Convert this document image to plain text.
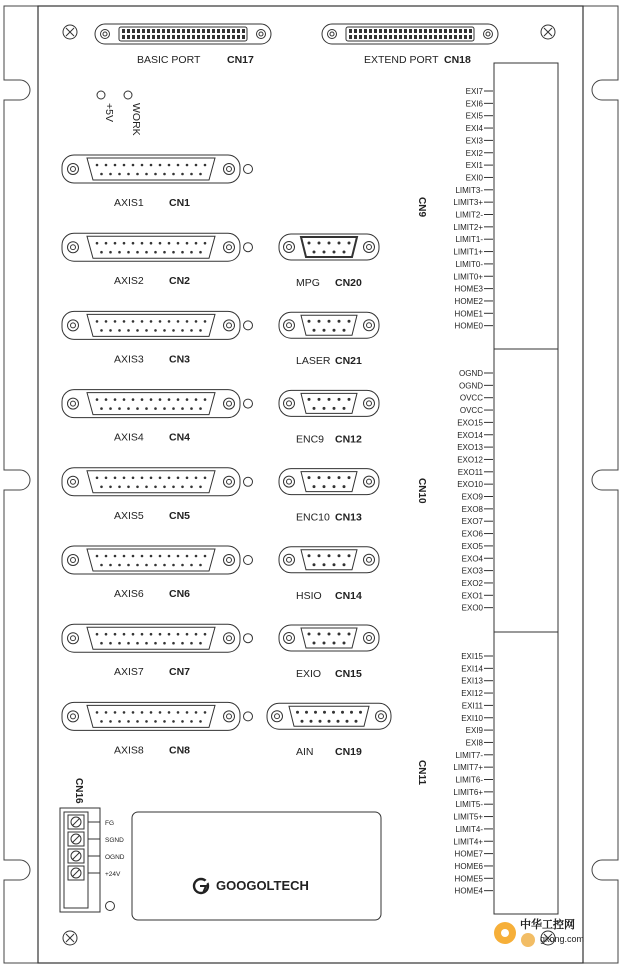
BASIC PORT	CN17	EXTEND PORT CN18
+5V WORK
AXIS1 CN1
AXIS2 CN2
AXIS3 CN3
AXIS4 CN4
AXIS5 CN5
AXIS6 CN6
AXIS7 CN7
AXIS8 CN8
MPG CN20
LASER CN21
ENC9 CN12
ENC10 CN13
HSIO CN14
EXIO CN15
AIN CN19
CN9
EXI7
EXI6
EXI5
EXI4
EXI3
EXI2
EXI1
EXI0
LIMIT3-
LIMIT3+
LIMIT2-
LIMIT2+
LIMIT1-
LIMIT1+
LIMIT0-
LIMIT0+
HOME3
HOME2
HOME1
HOME0
CN10
OGND
OGND
OVCC
OVCC
EXO15
EXO14
EXO13
EXO12
EXO11
EXO10
EXO9
EXO8
EXO7
EXO6
EXO5
EXO4
EXO3
EXO2
EXO1
EXO0
CN11
EXI15
EXI14
EXI13
EXI12
EXI11
EXI10
EXI9
EXI8
LIMIT7-
LIMIT7+
LIMIT6-
LIMIT6+
LIMIT5-
LIMIT5+
LIMIT4-
LIMIT4+
HOME7
HOME6
HOME5
HOME4
CN16
FG
SGND
OGND
+24V
GOOGOLTECH
中华工控网
gkong.com
